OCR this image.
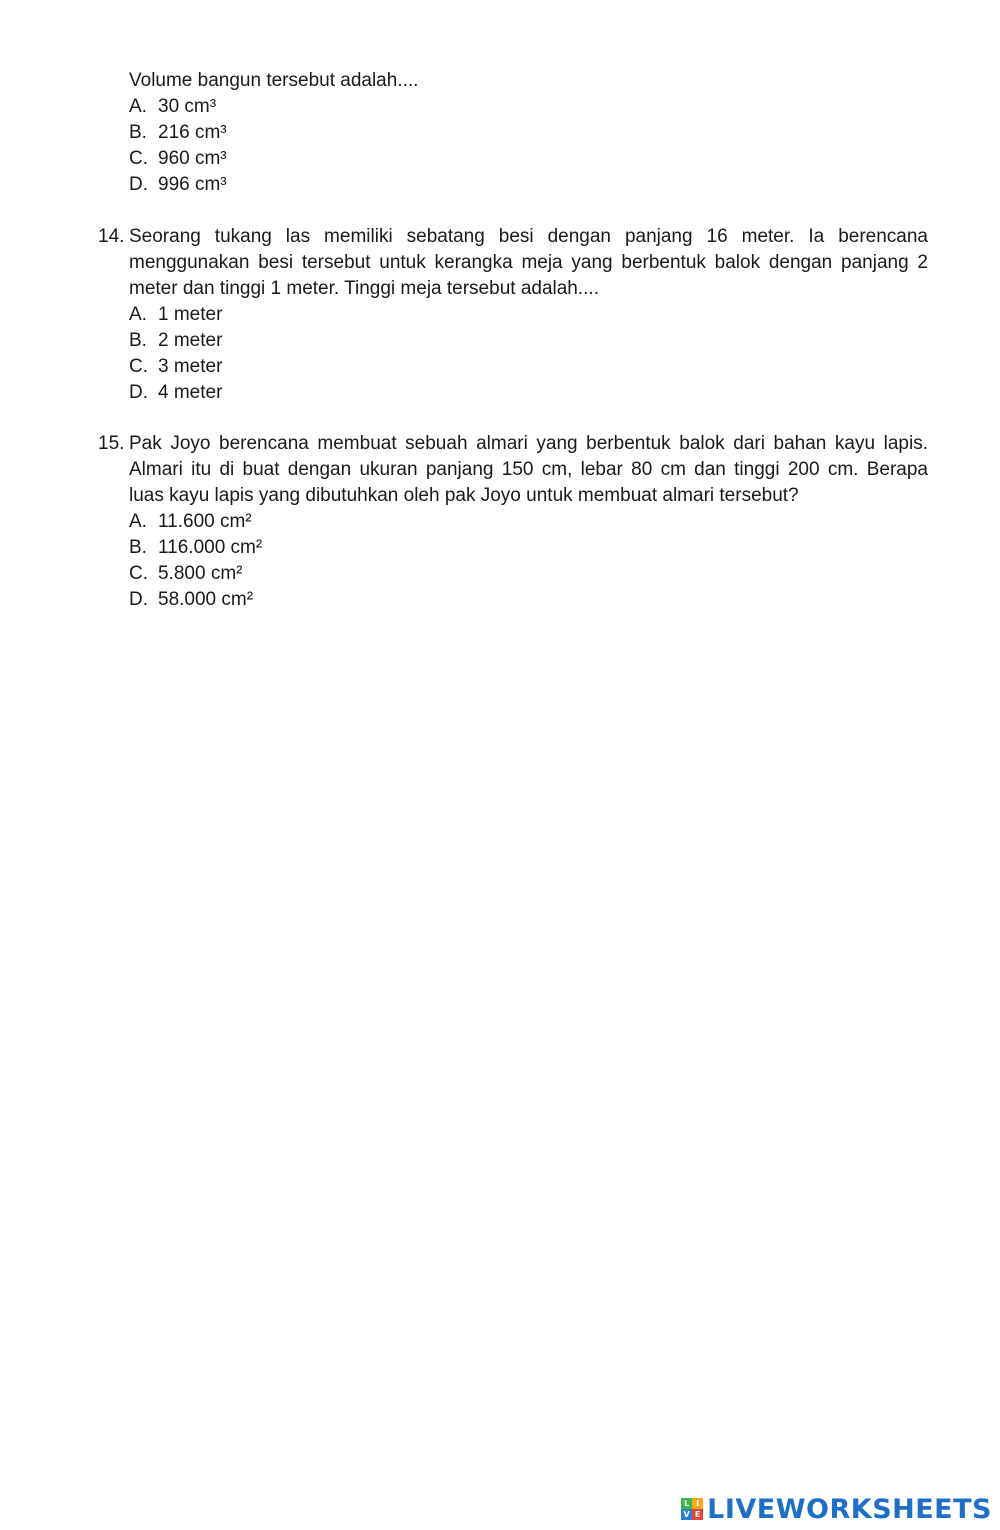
Volume bangun tersebut adalah....
A. 30 cm³
B. 216 cm³
C. 960 cm³
D. 996 cm³
14. Seorang tukang las memiliki sebatang besi dengan panjang 16 meter. Ia berencana
menggunakan besi tersebut untuk kerangka meja yang berbentuk balok dengan panjang 2
meter dan tinggi 1 meter. Tinggi meja tersebut adalah....
A. 1 meter
B. 2 meter
C. 3 meter
D. 4 meter
15. Pak Joyo berencana membuat sebuah almari yang berbentuk balok dari bahan kayu lapis.
Almari itu di buat dengan ukuran panjang 150 cm, lebar 80 cm dan tinggi 200 cm. Berapa
luas kayu lapis yang dibutuhkan oleh pak Joyo untuk membuat almari tersebut?
A. 11.600 cm²
B. 116.000 cm²
C. 5.800 cm²
D. 58.000 cm²
L I
V E LIVEWORKSHEETS
